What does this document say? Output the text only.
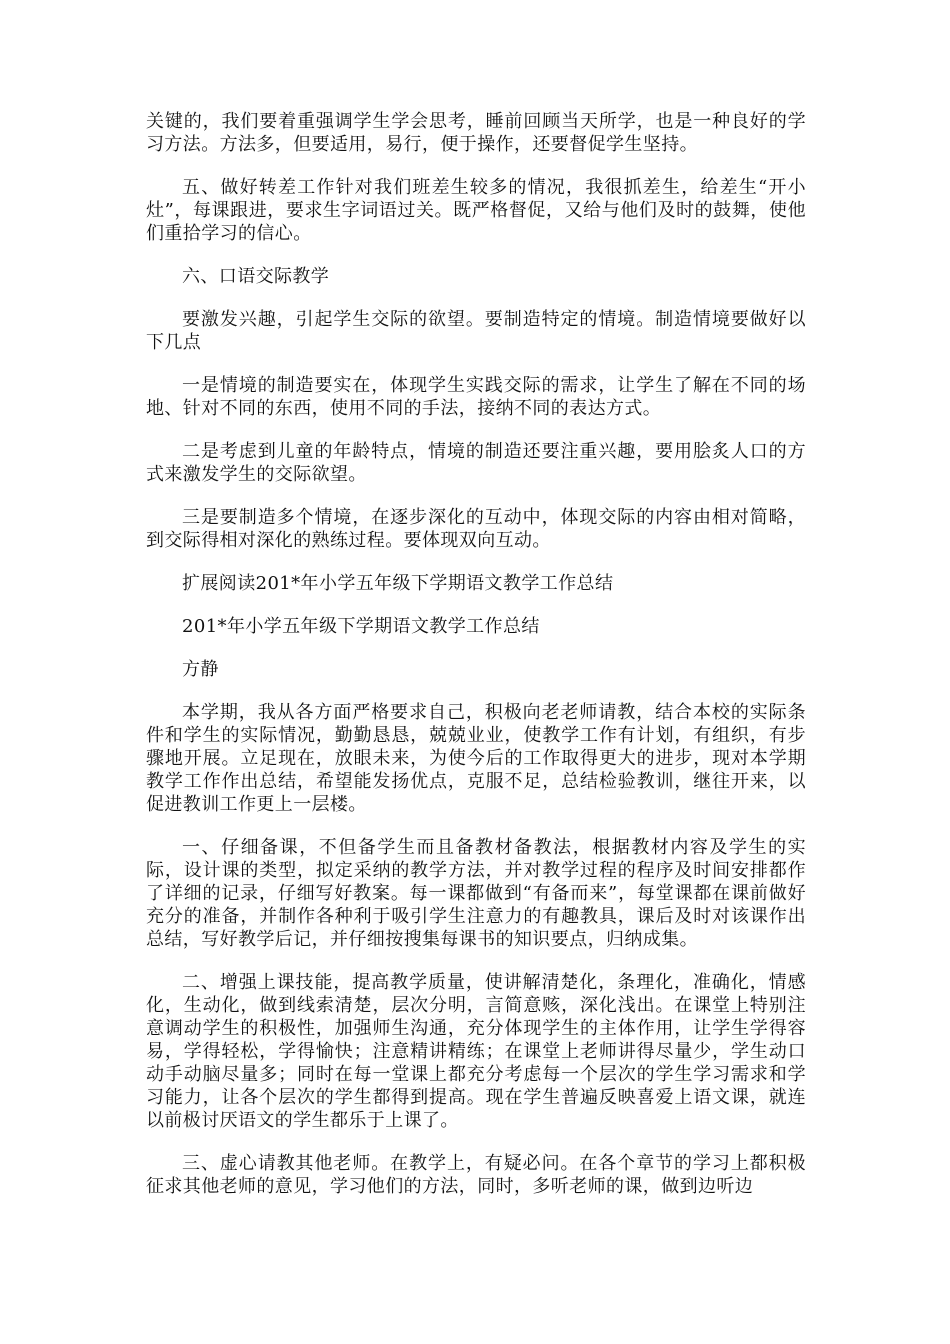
关键的，我们要着重强调学生学会思考，睡前回顾当天所学，也是一种良好的学习方法。方法多，但要适用，易行，便于操作，还要督促学生坚持。

五、做好转差工作针对我们班差生较多的情况，我很抓差生，给差生“开小灶”，每课跟进，要求生字词语过关。既严格督促，又给与他们及时的鼓舞，使他们重拾学习的信心。

六、口语交际教学

要激发兴趣，引起学生交际的欲望。要制造特定的情境。制造情境要做好以下几点

一是情境的制造要实在，体现学生实践交际的需求，让学生了解在不同的场地、针对不同的东西，使用不同的手法，接纳不同的表达方式。

二是考虑到儿童的年龄特点，情境的制造还要注重兴趣，要用脍炙人口的方式来激发学生的交际欲望。

三是要制造多个情境，在逐步深化的互动中，体现交际的内容由相对简略，到交际得相对深化的熟练过程。要体现双向互动。

扩展阅读201*年小学五年级下学期语文教学工作总结

201*年小学五年级下学期语文教学工作总结

方静

本学期，我从各方面严格要求自己，积极向老老师请教，结合本校的实际条件和学生的实际情况，勤勤恳恳，兢兢业业，使教学工作有计划，有组织，有步骤地开展。立足现在，放眼未来，为使今后的工作取得更大的进步，现对本学期教学工作作出总结，希望能发扬优点，克服不足，总结检验教训，继往开来，以促进教训工作更上一层楼。

一、仔细备课，不但备学生而且备教材备教法，根据教材内容及学生的实际，设计课的类型，拟定采纳的教学方法，并对教学过程的程序及时间安排都作了详细的记录，仔细写好教案。每一课都做到“有备而来”，每堂课都在课前做好充分的准备，并制作各种利于吸引学生注意力的有趣教具，课后及时对该课作出总结，写好教学后记，并仔细按搜集每课书的知识要点，归纳成集。

二、增强上课技能，提高教学质量，使讲解清楚化，条理化，准确化，情感化，生动化，做到线索清楚，层次分明，言简意赅，深化浅出。在课堂上特别注意调动学生的积极性，加强师生沟通，充分体现学生的主体作用，让学生学得容易，学得轻松，学得愉快；注意精讲精练；在课堂上老师讲得尽量少，学生动口动手动脑尽量多；同时在每一堂课上都充分考虑每一个层次的学生学习需求和学习能力，让各个层次的学生都得到提高。现在学生普遍反映喜爱上语文课，就连以前极讨厌语文的学生都乐于上课了。

三、虚心请教其他老师。在教学上，有疑必问。在各个章节的学习上都积极征求其他老师的意见，学习他们的方法，同时，多听老师的课，做到边听边
